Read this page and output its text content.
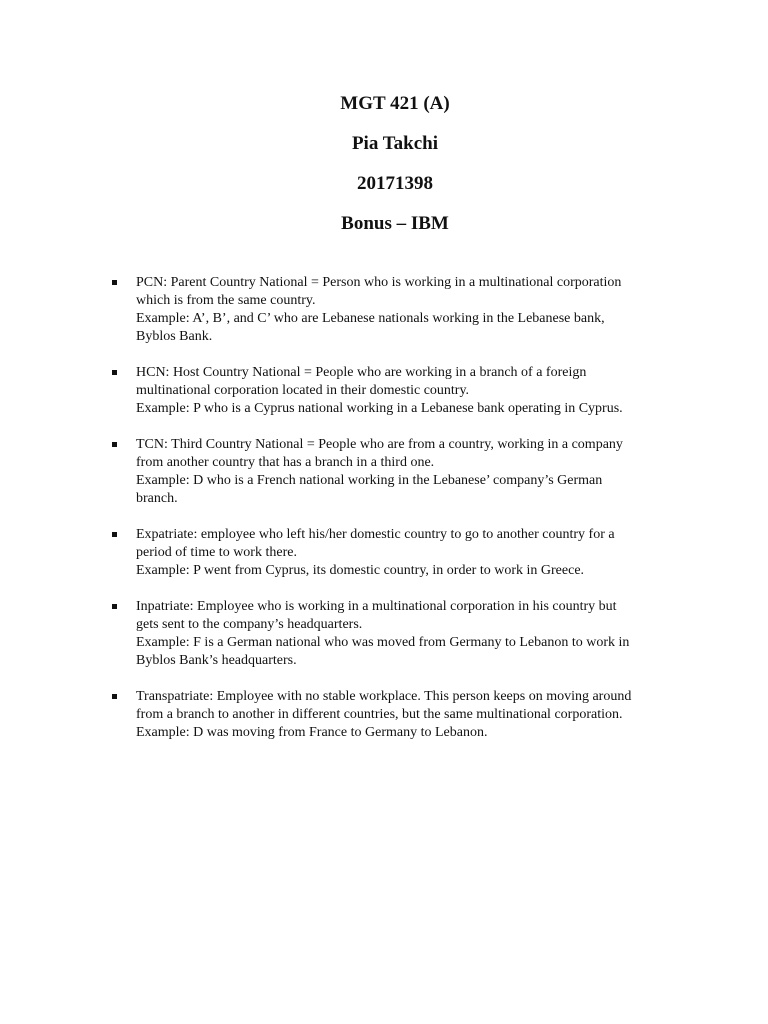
MGT 421 (A)
Pia Takchi
20171398
Bonus – IBM
PCN: Parent Country National = Person who is working in a multinational corporation
which is from the same country.
Example: A’, B’, and C’ who are Lebanese nationals working in the Lebanese bank,
Byblos Bank.
HCN: Host Country National = People who are working in a branch of a foreign
multinational corporation located in their domestic country.
Example: P who is a Cyprus national working in a Lebanese bank operating in Cyprus.
TCN: Third Country National = People who are from a country, working in a company
from another country that has a branch in a third one.
Example: D who is a French national working in the Lebanese’ company’s German
branch.
Expatriate: employee who left his/her domestic country to go to another country for a
period of time to work there.
Example: P went from Cyprus, its domestic country, in order to work in Greece.
Inpatriate: Employee who is working in a multinational corporation in his country but
gets sent to the company’s headquarters.
Example: F is a German national who was moved from Germany to Lebanon to work in
Byblos Bank’s headquarters.
Transpatriate: Employee with no stable workplace. This person keeps on moving around
from a branch to another in different countries, but the same multinational corporation.
Example: D was moving from France to Germany to Lebanon.
